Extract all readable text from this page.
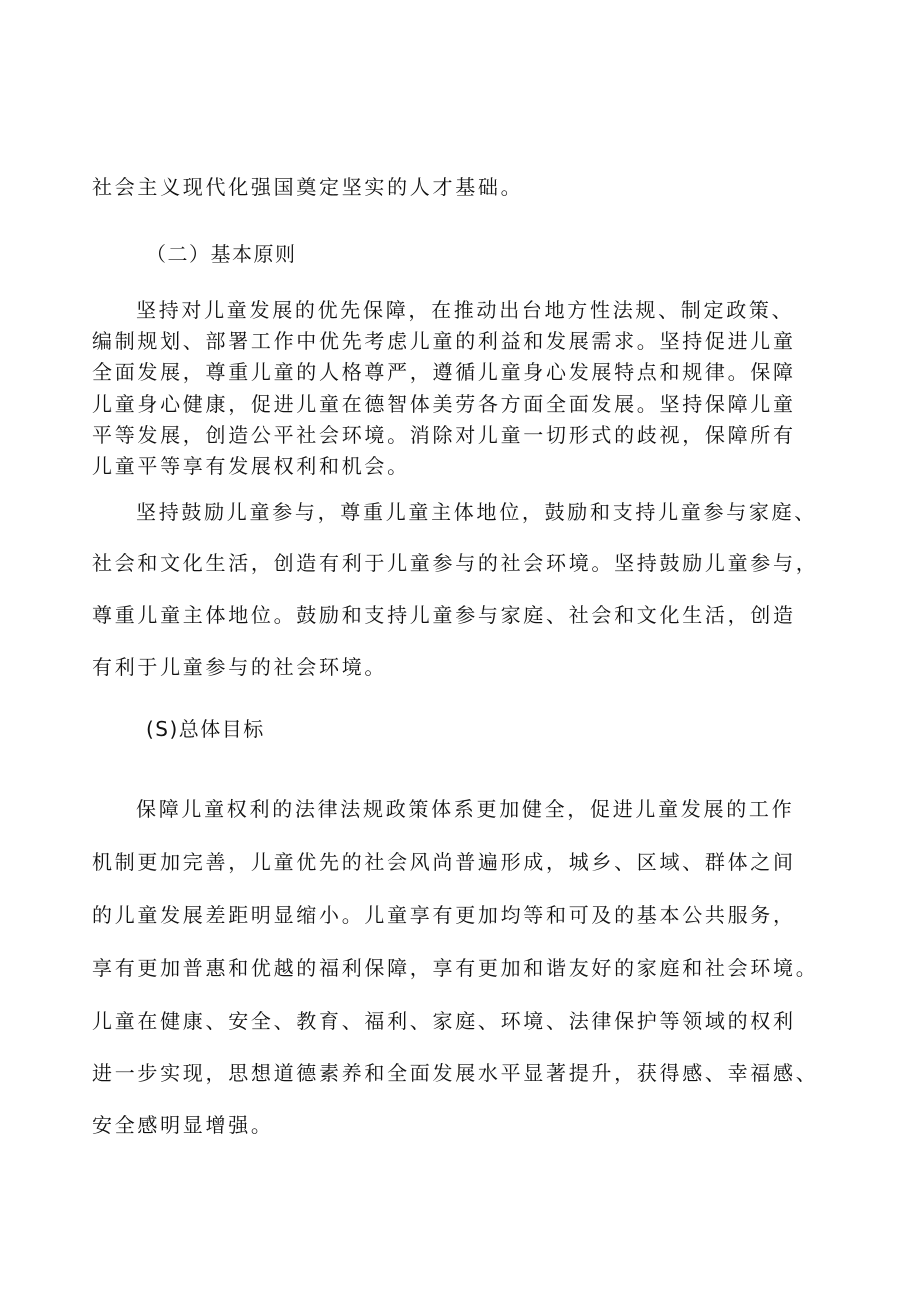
社会主义现代化强国奠定坚实的人才基础。
（二）基本原则
坚持对儿童发展的优先保障，在推动出台地方性法规、制定政策、
编制规划、部署工作中优先考虑儿童的利益和发展需求。坚持促进儿童
全面发展，尊重儿童的人格尊严，遵循儿童身心发展特点和规律。保障
儿童身心健康，促进儿童在德智体美劳各方面全面发展。坚持保障儿童
平等发展，创造公平社会环境。消除对儿童一切形式的歧视，保障所有
儿童平等享有发展权利和机会。
坚持鼓励儿童参与，尊重儿童主体地位，鼓励和支持儿童参与家庭、
社会和文化生活，创造有利于儿童参与的社会环境。坚持鼓励儿童参与，
尊重儿童主体地位。鼓励和支持儿童参与家庭、社会和文化生活，创造
有利于儿童参与的社会环境。
(S)总体目标
保障儿童权利的法律法规政策体系更加健全，促进儿童发展的工作
机制更加完善，儿童优先的社会风尚普遍形成，城乡、区域、群体之间
的儿童发展差距明显缩小。儿童享有更加均等和可及的基本公共服务，
享有更加普惠和优越的福利保障，享有更加和谐友好的家庭和社会环境。
儿童在健康、安全、教育、福利、家庭、环境、法律保护等领域的权利
进一步实现，思想道德素养和全面发展水平显著提升，获得感、幸福感、
安全感明显增强。
